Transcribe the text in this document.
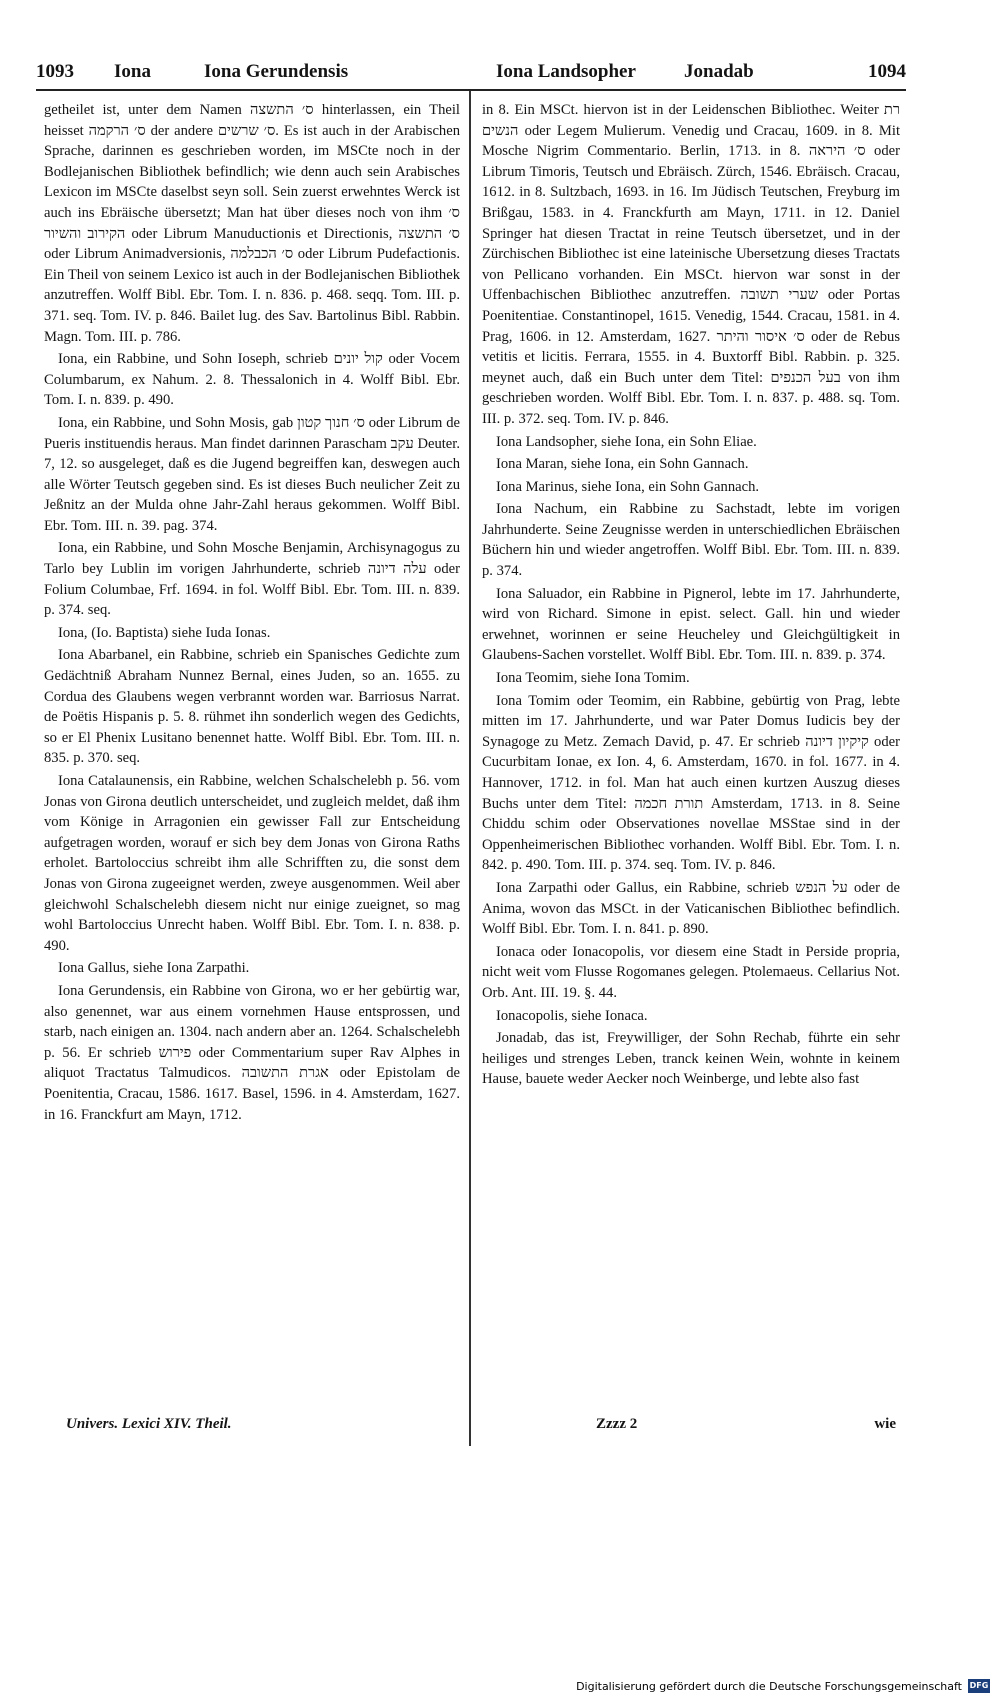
1093 Iona	Iona Gerundensis	Iona Landsopher	Jonadab	1094

getheilet ist, unter dem Namen ס׳ התשצה hinterlassen, ein Theil heisset ס׳ הרקמה der andere ס׳ שרשים. Es ist auch in der Arabischen Sprache, darinnen es geschrieben worden, im MSCte noch in der Bodlejanischen Bibliothek befindlich; wie denn auch sein Arabisches Lexicon im MSCte daselbst seyn soll. Sein zuerst erwehntes Werck ist auch ins Ebräische übersetzt; Man hat über dieses noch von ihm ס׳ הקירוב והשיור oder Librum Manuductionis et Directionis, ס׳ התשצה oder Librum Animadversionis, ס׳ הכבלמה oder Librum Pudefactionis. Ein Theil von seinem Lexico ist auch in der Bodlejanischen Bibliothek anzutreffen. Wolff Bibl. Ebr. Tom. I. n. 836. p. 468. seqq. Tom. III. p. 371. seq. Tom. IV. p. 846. Bailet lug. des Sav. Bartolinus Bibl. Rabbin. Magn. Tom. III. p. 786.

Iona, ein Rabbine, und Sohn Ioseph, schrieb קול יונים oder Vocem Columbarum, ex Nahum. 2. 8. Thessalonich in 4. Wolff Bibl. Ebr. Tom. I. n. 839. p. 490.

Iona, ein Rabbine, und Sohn Mosis, gab ס׳ חנוך קטון oder Librum de Pueris instituendis heraus. Man findet darinnen Parascham עקב Deuter. 7, 12. so ausgeleget, daß es die Jugend begreiffen kan, deswegen auch alle Wörter Teutsch gegeben sind. Es ist dieses Buch neulicher Zeit zu Jeßnitz an der Mulda ohne Jahr-Zahl heraus gekommen. Wolff Bibl. Ebr. Tom. III. n. 39. pag. 374.

Iona, ein Rabbine, und Sohn Mosche Benjamin, Archisynagogus zu Tarlo bey Lublin im vorigen Jahrhunderte, schrieb עלה דיונה oder Folium Columbae, Frf. 1694. in fol. Wolff Bibl. Ebr. Tom. III. n. 839. p. 374. seq.

Iona, (Io. Baptista) siehe Iuda Ionas.

Iona Abarbanel, ein Rabbine, schrieb ein Spanisches Gedichte zum Gedächtniß Abraham Nunnez Bernal, eines Juden, so an. 1655. zu Cordua des Glaubens wegen verbrannt worden war. Barriosus Narrat. de Poëtis Hispanis p. 5. 8. rühmet ihn sonderlich wegen des Gedichts, so er El Phenix Lusitano benennet hatte. Wolff Bibl. Ebr. Tom. III. n. 835. p. 370. seq.

Iona Catalaunensis, ein Rabbine, welchen Schalschelebh p. 56. vom Jonas von Girona deutlich unterscheidet, und zugleich meldet, daß ihm vom Könige in Arragonien ein gewisser Fall zur Entscheidung aufgetragen worden, worauf er sich bey dem Jonas von Girona Raths erholet. Bartoloccius schreibt ihm alle Schrifften zu, die sonst dem Jonas von Girona zugeeignet werden, zweye ausgenommen. Weil aber gleichwohl Schalschelebh diesem nicht nur einige zueignet, so mag wohl Bartoloccius Unrecht haben. Wolff Bibl. Ebr. Tom. I. n. 838. p. 490.

Iona Gallus, siehe Iona Zarpathi.

Iona Gerundensis, ein Rabbine von Girona, wo er her gebürtig war, also genennet, war aus einem vornehmen Hause entsprossen, und starb, nach einigen an. 1304. nach andern aber an. 1264. Schalschelebh p. 56. Er schrieb פירוש oder Commentarium super Rav Alphes in aliquot Tractatus Talmudicos. אגרת התשובה oder Epistolam de Poenitentia, Cracau, 1586. 1617. Basel, 1596. in 4. Amsterdam, 1627. in 16. Franckfurt am Mayn, 1712.

in 8. Ein MSCt. hiervon ist in der Leidenschen Bibliothec. Weiter רת הנשים oder Legem Mulierum. Venedig und Cracau, 1609. in 8. Mit Mosche Nigrim Commentario. Berlin, 1713. in 8. ס׳ היראה oder Librum Timoris, Teutsch und Ebräisch. Zürch, 1546. Ebräisch. Cracau, 1612. in 8. Sultzbach, 1693. in 16. Im Jüdisch Teutschen, Freyburg im Brißgau, 1583. in 4. Franckfurth am Mayn, 1711. in 12. Daniel Springer hat diesen Tractat in reine Teutsch übersetzet, und in der Zürchischen Bibliothec ist eine lateinische Ubersetzung dieses Tractats von Pellicano vorhanden. Ein MSCt. hiervon war sonst in der Uffenbachischen Bibliothec anzutreffen. שערי תשובה oder Portas Poenitentiae. Constantinopel, 1615. Venedig, 1544. Cracau, 1581. in 4. Prag, 1606. in 12. Amsterdam, 1627. ס׳ איסור והיתר oder de Rebus vetitis et licitis. Ferrara, 1555. in 4. Buxtorff Bibl. Rabbin. p. 325. meynet auch, daß ein Buch unter dem Titel: בעל הכנפים von ihm geschrieben worden. Wolff Bibl. Ebr. Tom. I. n. 837. p. 488. sq. Tom. III. p. 372. seq. Tom. IV. p. 846.

Iona Landsopher, siehe Iona, ein Sohn Eliae.

Iona Maran, siehe Iona, ein Sohn Gannach.

Iona Marinus, siehe Iona, ein Sohn Gannach.

Iona Nachum, ein Rabbine zu Sachstadt, lebte im vorigen Jahrhunderte. Seine Zeugnisse werden in unterschiedlichen Ebräischen Büchern hin und wieder angetroffen. Wolff Bibl. Ebr. Tom. III. n. 839. p. 374.

Iona Saluador, ein Rabbine in Pignerol, lebte im 17. Jahrhunderte, wird von Richard. Simone in epist. select. Gall. hin und wieder erwehnet, worinnen er seine Heucheley und Gleichgültigkeit in Glaubens-Sachen vorstellet. Wolff Bibl. Ebr. Tom. III. n. 839. p. 374.

Iona Teomim, siehe Iona Tomim.

Iona Tomim oder Teomim, ein Rabbine, gebürtig von Prag, lebte mitten im 17. Jahrhunderte, und war Pater Domus Iudicis bey der Synagoge zu Metz. Zemach David, p. 47. Er schrieb קיקיון דיונה oder Cucurbitam Ionae, ex Ion. 4, 6. Amsterdam, 1670. in fol. 1677. in 4. Hannover, 1712. in fol. Man hat auch einen kurtzen Auszug dieses Buchs unter dem Titel: תורת חכמה Amsterdam, 1713. in 8. Seine Chiddu schim oder Observationes novellae MSStae sind in der Oppenheimerischen Bibliothec vorhanden. Wolff Bibl. Ebr. Tom. I. n. 842. p. 490. Tom. III. p. 374. seq. Tom. IV. p. 846.

Iona Zarpathi oder Gallus, ein Rabbine, schrieb על הנפש oder de Anima, wovon das MSCt. in der Vaticanischen Bibliothec befindlich. Wolff Bibl. Ebr. Tom. I. n. 841. p. 890.

Ionaca oder Ionacopolis, vor diesem eine Stadt in Perside propria, nicht weit vom Flusse Rogomanes gelegen. Ptolemaeus. Cellarius Not. Orb. Ant. III. 19. §. 44.

Ionacopolis, siehe Ionaca.

Jonadab, das ist, Freywilliger, der Sohn Rechab, führte ein sehr heiliges und strenges Leben, tranck keinen Wein, wohnte in keinem Hause, bauete weder Aecker noch Weinberge, und lebte also fast

Univers. Lexici XIV. Theil.	Zzzz 2	wie
Digitalisierung gefördert durch die Deutsche Forschungsgemeinschaft DFG
